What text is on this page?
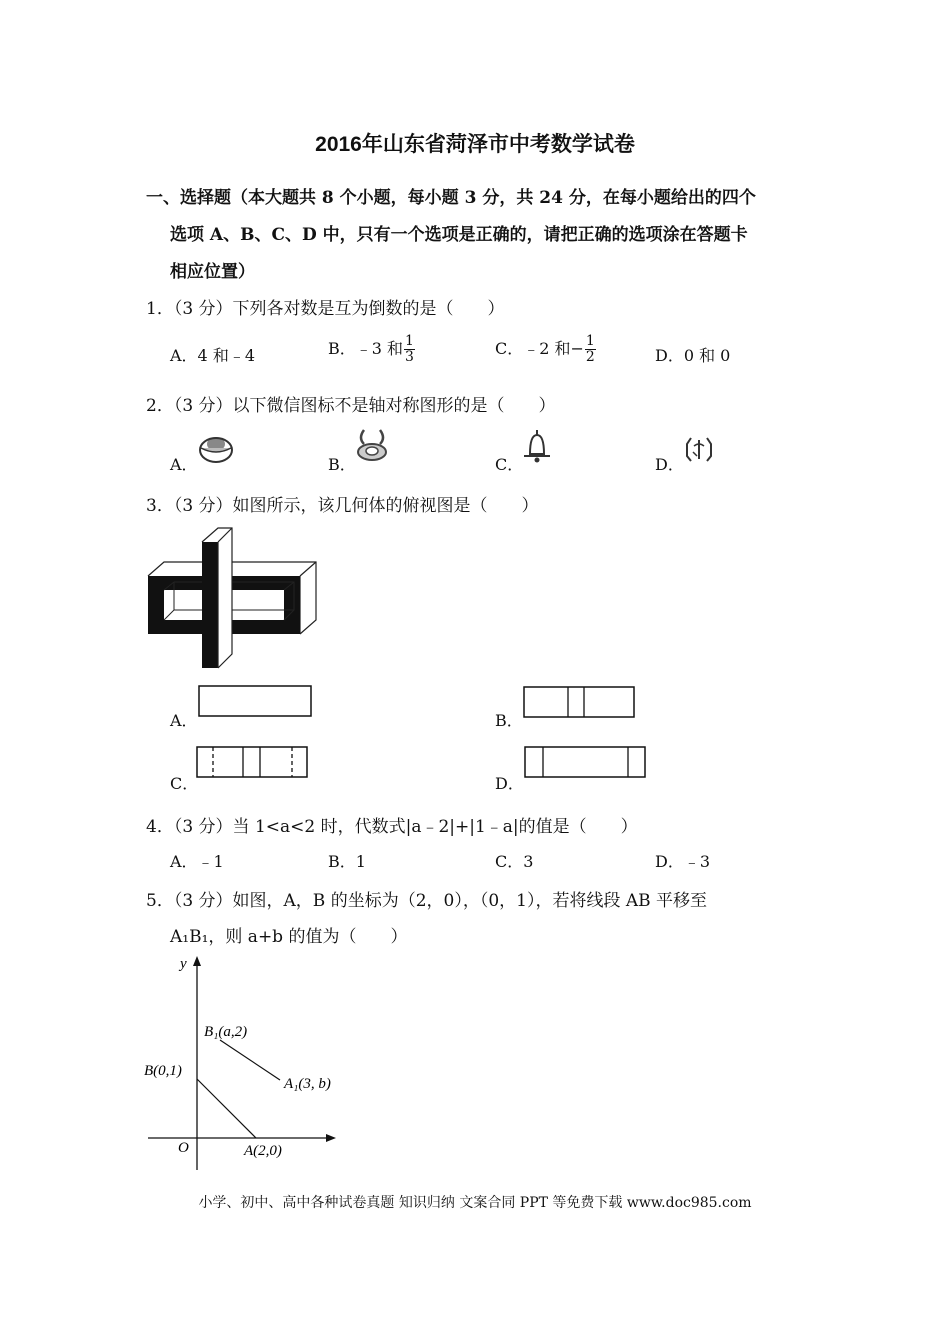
2016年山东省菏泽市中考数学试卷
一、选择题（本大题共 8 个小题，每小题 3 分，共 24 分，在每小题给出的四个
选项 A、B、C、D 中，只有一个选项是正确的，请把正确的选项涂在答题卡
相应位置）
1．（3 分）下列各对数是互为倒数的是（　　）
A．4 和﹣4	B．﹣3 和 $\frac{1}{3}$	C．﹣2 和− $\frac{1}{2}$	D．0 和 0
2．（3 分）以下微信图标不是轴对称图形的是（　　）
A．	B．	C．	D．
3．（3 分）如图所示，该几何体的俯视图是（　　）
A．	B．
C．	D．
4．（3 分）当 1<a<2 时，代数式|a﹣2|+|1﹣a|的值是（　　）
A．﹣1	B．1	C．3	D．﹣3
5．（3 分）如图，A，B 的坐标为（2，0），（0，1），若将线段 AB 平移至
A₁B₁，则 a+b 的值为（　　）
y
O
B₁(a,2)
A₁(3, b)
B(0,1)
A(2,0)
小学、初中、高中各种试卷真题 知识归纳 文案合同 PPT 等免费下载 www.doc985.com
